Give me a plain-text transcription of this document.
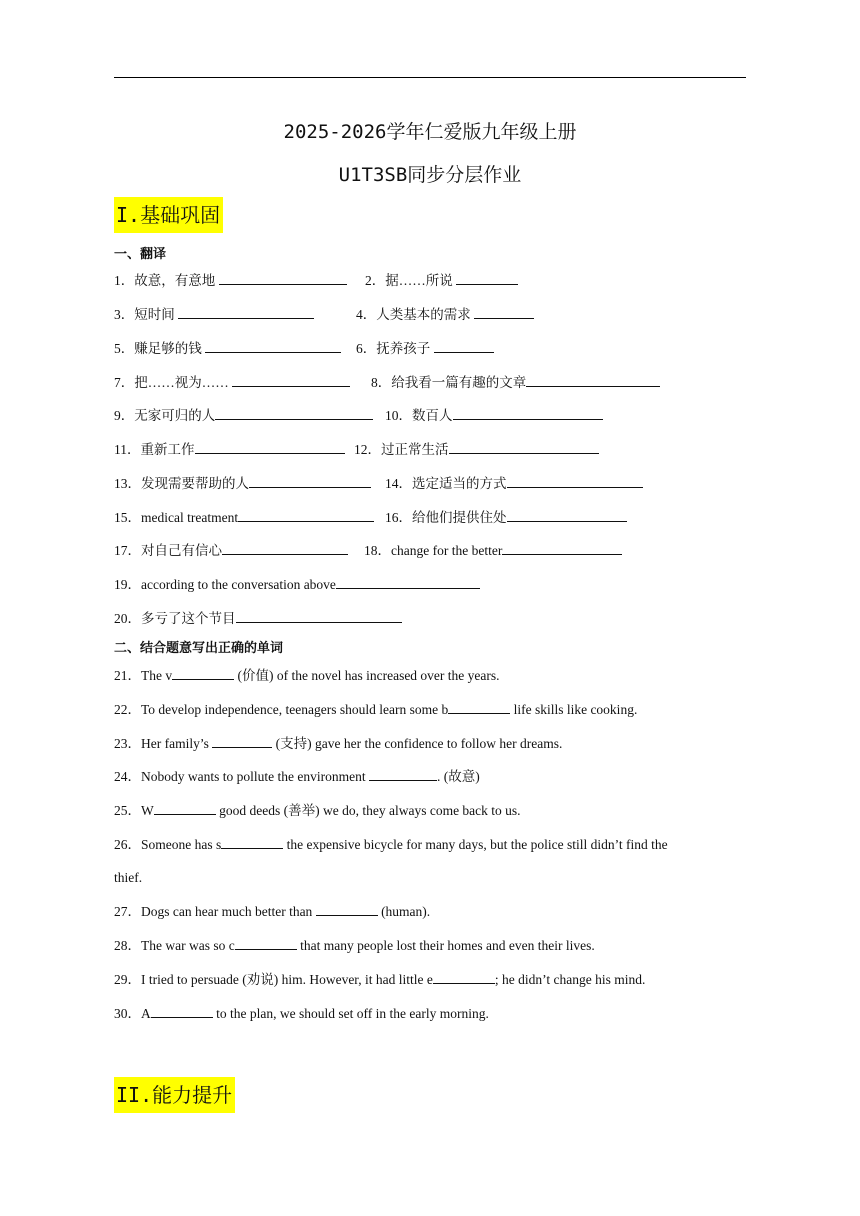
2025-2026学年仁爱版九年级上册
U1T3SB同步分层作业
I.基础巩固
一、翻译
1．故意，有意地	2．据……所说
3．短时间	4．人类基本的需求
5．赚足够的钱	6．抚养孩子
7．把……视为……	8．给我看一篇有趣的文章
9．无家可归的人	10．数百人
11．重新工作	12．过正常生活
13．发现需要帮助的人	14．选定适当的方式
15．medical treatment	16．给他们提供住处
17．对自己有信心	18．change for the better
19．according to the conversation above
20．多亏了这个节目
二、结合题意写出正确的单词
21．The v	(价值) of the novel has increased over the years.
22．To develop independence, teenagers should learn some b	life skills like cooking.
23．Her family’s	(支持) gave her the confidence to follow her dreams.
24．Nobody wants to pollute the environment	. (故意)
25．W	good deeds (善举) we do, they always come back to us.
26．Someone has s	the expensive bicycle for many days, but the police still didn’t find the
thief.
27．Dogs can hear much better than	(human).
28．The war was so c	that many people lost their homes and even their lives.
29．I tried to persuade (劝说) him. However, it had little e	; he didn’t change his mind.
30．A	to the plan, we should set off in the early morning.
II.能力提升
